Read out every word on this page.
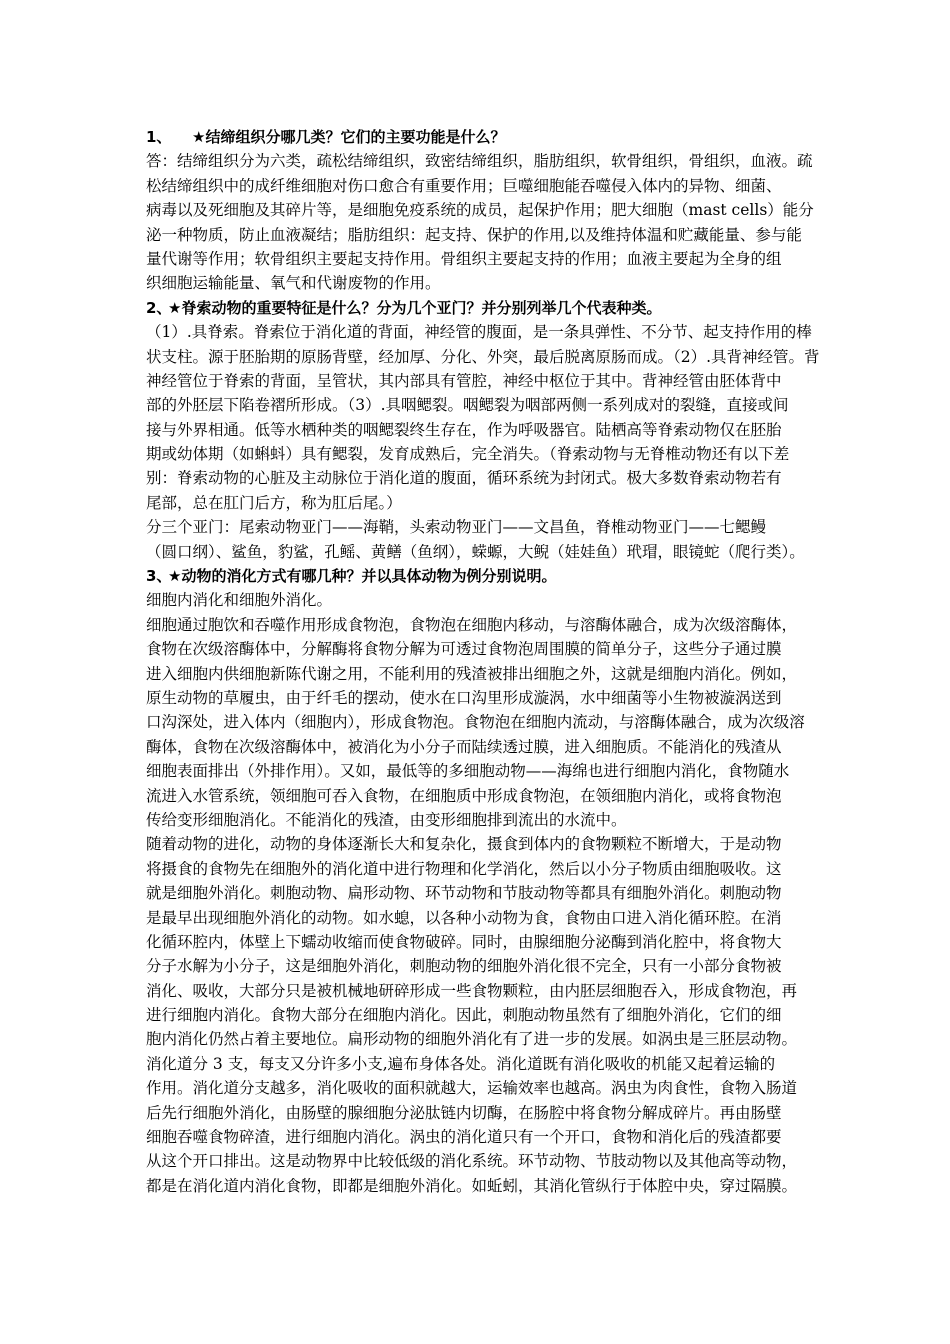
1、 ★结缔组织分哪几类？它们的主要功能是什么？
答：结缔组织分为六类，疏松结缔组织，致密结缔组织，脂肪组织，软骨组织，骨组织，血液。疏
松结缔组织中的成纤维细胞对伤口愈合有重要作用；巨噬细胞能吞噬侵入体内的异物、细菌、
病毒以及死细胞及其碎片等，是细胞免疫系统的成员，起保护作用；肥大细胞（mast cells）能分
泌一种物质，防止血液凝结；脂肪组织：起支持、保护的作用,以及维持体温和贮藏能量、参与能
量代谢等作用；软骨组织主要起支持作用。骨组织主要起支持的作用；血液主要起为全身的组
织细胞运输能量、氧气和代谢废物的作用。
2、★脊索动物的重要特征是什么？分为几个亚门？并分别列举几个代表种类。
（1）.具脊索。脊索位于消化道的背面，神经管的腹面，是一条具弹性、不分节、起支持作用的棒
状支柱。源于胚胎期的原肠背壁，经加厚、分化、外突，最后脱离原肠而成。（2）.具背神经管。背
神经管位于脊索的背面，呈管状，其内部具有管腔，神经中枢位于其中。背神经管由胚体背中
部的外胚层下陷卷褶所形成。（3）.具咽鳃裂。咽鳃裂为咽部两侧一系列成对的裂缝，直接或间
接与外界相通。低等水栖种类的咽鳃裂终生存在，作为呼吸器官。陆栖高等脊索动物仅在胚胎
期或幼体期（如蝌蚪）具有鳃裂，发育成熟后，完全消失。（脊索动物与无脊椎动物还有以下差
别：脊索动物的心脏及主动脉位于消化道的腹面，循环系统为封闭式。极大多数脊索动物若有
尾部，总在肛门后方，称为肛后尾。）
分三个亚门：尾索动物亚门——海鞘，头索动物亚门——文昌鱼，脊椎动物亚门——七鳃鳗
（圆口纲）、鲨鱼，豹鲨，孔鳐、黄鳝（鱼纲），蝾螈，大鲵（娃娃鱼）玳瑁，眼镜蛇（爬行类）。
3、★动物的消化方式有哪几种？并以具体动物为例分别说明。
细胞内消化和细胞外消化。
细胞通过胞饮和吞噬作用形成食物泡，食物泡在细胞内移动，与溶酶体融合，成为次级溶酶体，
食物在次级溶酶体中，分解酶将食物分解为可透过食物泡周围膜的简单分子，这些分子通过膜
进入细胞内供细胞新陈代谢之用，不能利用的残渣被排出细胞之外，这就是细胞内消化。例如，
原生动物的草履虫，由于纤毛的摆动，使水在口沟里形成漩涡，水中细菌等小生物被漩涡送到
口沟深处，进入体内（细胞内），形成食物泡。食物泡在细胞内流动，与溶酶体融合，成为次级溶
酶体，食物在次级溶酶体中，被消化为小分子而陆续透过膜，进入细胞质。不能消化的残渣从
细胞表面排出（外排作用）。又如，最低等的多细胞动物——海绵也进行细胞内消化，食物随水
流进入水管系统，领细胞可吞入食物，在细胞质中形成食物泡，在领细胞内消化，或将食物泡
传给变形细胞消化。不能消化的残渣，由变形细胞排到流出的水流中。
随着动物的进化，动物的身体逐渐长大和复杂化，摄食到体内的食物颗粒不断增大，于是动物
将摄食的食物先在细胞外的消化道中进行物理和化学消化，然后以小分子物质由细胞吸收。这
就是细胞外消化。刺胞动物、扁形动物、环节动物和节肢动物等都具有细胞外消化。刺胞动物
是最早出现细胞外消化的动物。如水螅，以各种小动物为食，食物由口进入消化循环腔。在消
化循环腔内，体壁上下蠕动收缩而使食物破碎。同时，由腺细胞分泌酶到消化腔中，将食物大
分子水解为小分子，这是细胞外消化，刺胞动物的细胞外消化很不完全，只有一小部分食物被
消化、吸收，大部分只是被机械地研碎形成一些食物颗粒，由内胚层细胞吞入，形成食物泡，再
进行细胞内消化。食物大部分在细胞内消化。因此，刺胞动物虽然有了细胞外消化，它们的细
胞内消化仍然占着主要地位。扁形动物的细胞外消化有了进一步的发展。如涡虫是三胚层动物。
消化道分 3 支，每支又分许多小支,遍布身体各处。消化道既有消化吸收的机能又起着运输的
作用。消化道分支越多，消化吸收的面积就越大，运输效率也越高。涡虫为肉食性，食物入肠道
后先行细胞外消化，由肠壁的腺细胞分泌肽链内切酶，在肠腔中将食物分解成碎片。再由肠壁
细胞吞噬食物碎渣，进行细胞内消化。涡虫的消化道只有一个开口，食物和消化后的残渣都要
从这个开口排出。这是动物界中比较低级的消化系统。环节动物、节肢动物以及其他高等动物，
都是在消化道内消化食物，即都是细胞外消化。如蚯蚓，其消化管纵行于体腔中央，穿过隔膜。
